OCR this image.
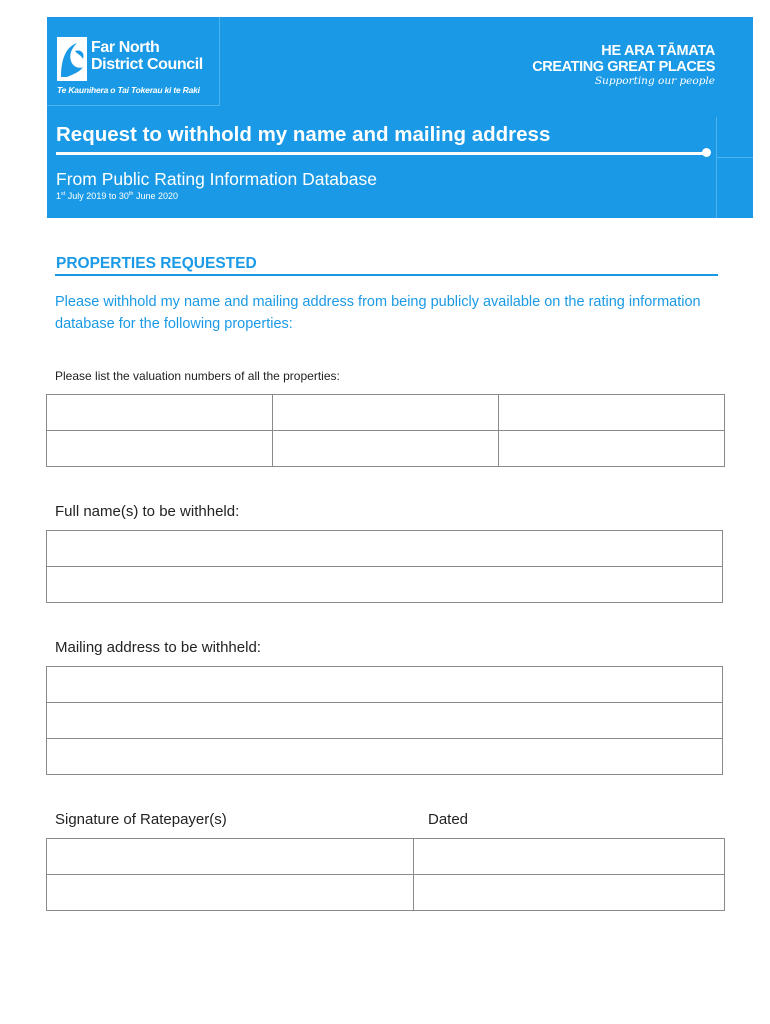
Far North
District Council
Te Kaunihera o Tai Tokerau ki te Raki
HE ARA TĀMATA
CREATING GREAT PLACES
Supporting our people
Request to withhold my name and mailing address
From Public Rating Information Database
1st July 2019 to 30th June 2020
PROPERTIES REQUESTED
Please withhold my name and mailing address from being publicly available on the rating information database for the following properties:
Please list the valuation numbers of all the properties:

Full name(s) to be withheld:

Mailing address to be withheld:

Signature of Ratepayer(s)	Dated
